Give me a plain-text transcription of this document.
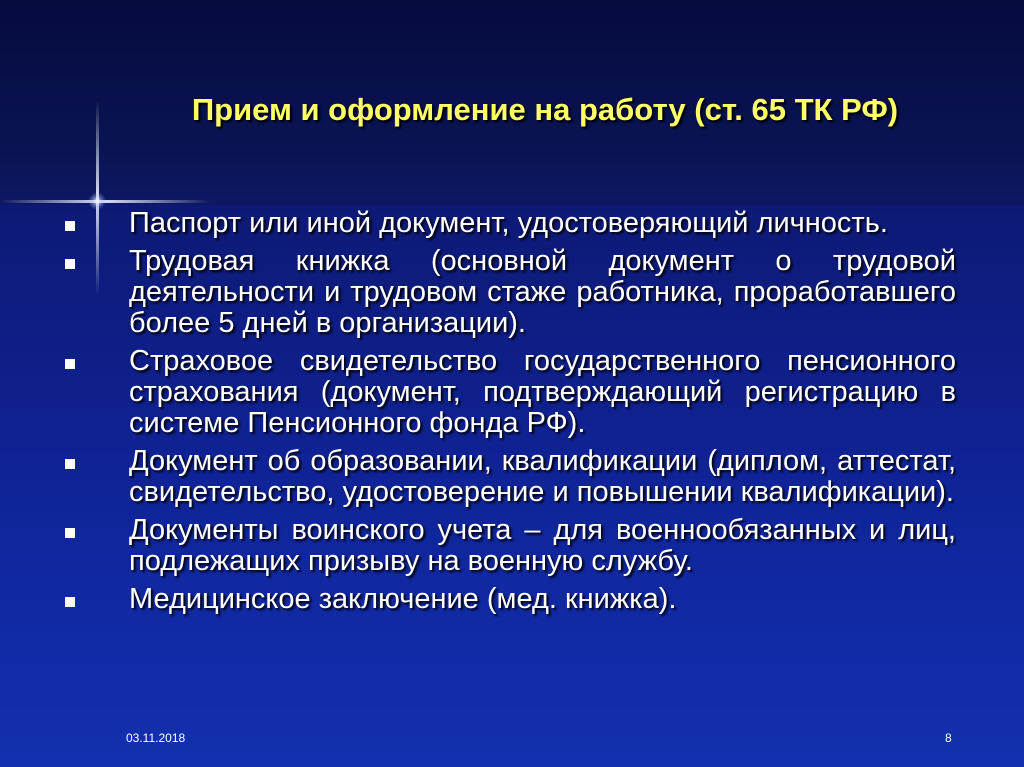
Прием и оформление на работу (ст. 65 ТК РФ)
Паспорт или иной документ, удостоверяющий личность.
Трудовая книжка (основной документ о трудовой деятельности и трудовом стаже работника, проработавшего более 5 дней в организации).
Страховое свидетельство государственного пенсионного страхования (документ, подтверждающий регистрацию в системе Пенсионного фонда РФ).
Документ об образовании, квалификации (диплом, аттестат, свидетельство, удостоверение и повышении квалификации).
Документы воинского учета – для военнообязанных и лиц, подлежащих призыву на военную службу.
Медицинское заключение (мед. книжка).
03.11.2018	8
